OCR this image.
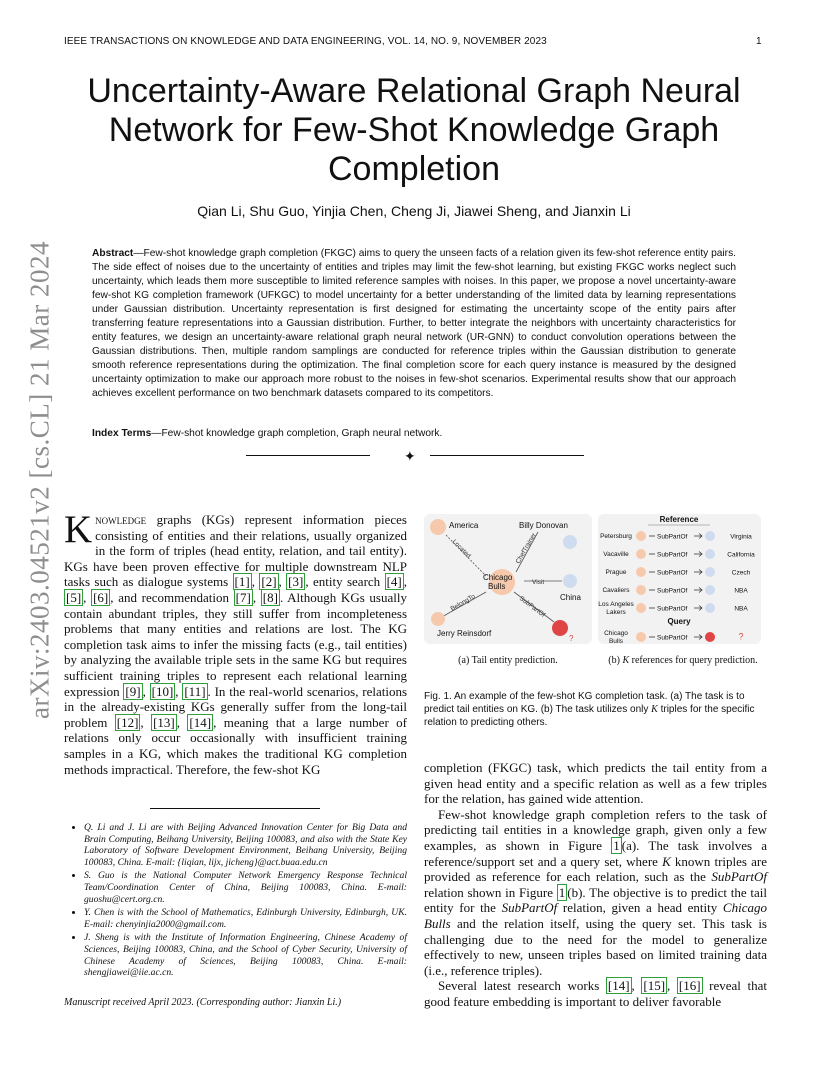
IEEE TRANSACTIONS ON KNOWLEDGE AND DATA ENGINEERING, VOL. 14, NO. 9, NOVEMBER 2023	1
arXiv:2403.04521v2 [cs.CL] 21 Mar 2024
Uncertainty-Aware Relational Graph Neural Network for Few-Shot Knowledge Graph Completion
Qian Li, Shu Guo, Yinjia Chen, Cheng Ji, Jiawei Sheng, and Jianxin Li
Abstract—Few-shot knowledge graph completion (FKGC) aims to query the unseen facts of a relation given its few-shot reference entity pairs. The side effect of noises due to the uncertainty of entities and triples may limit the few-shot learning, but existing FKGC works neglect such uncertainty, which leads them more susceptible to limited reference samples with noises. In this paper, we propose a novel uncertainty-aware few-shot KG completion framework (UFKGC) to model uncertainty for a better understanding of the limited data by learning representations under Gaussian distribution. Uncertainty representation is first designed for estimating the uncertainty scope of the entity pairs after transferring feature representations into a Gaussian distribution. Further, to better integrate the neighbors with uncertainty characteristics for entity features, we design an uncertainty-aware relational graph neural network (UR-GNN) to conduct convolution operations between the Gaussian distributions. Then, multiple random samplings are conducted for reference triples within the Gaussian distribution to generate smooth reference representations during the optimization. The final completion score for each query instance is measured by the designed uncertainty optimization to make our approach more robust to the noises in few-shot scenarios. Experimental results show that our approach achieves excellent performance on two benchmark datasets compared to its competitors.
Index Terms—Few-shot knowledge graph completion, Graph neural network.
✦

Knowledge graphs (KGs) represent information pieces consisting of entities and their relations, usually organized in the form of triples (head entity, relation, and tail entity). KGs have been proven effective for multiple downstream NLP tasks such as dialogue systems [1] , [2] , [3] , entity search [4] , [5] , [6] , and recommendation [7] , [8] . Although KGs usually contain abundant triples, they still suffer from incompleteness problems that many entities and relations are lost. The KG completion task aims to infer the missing facts (e.g., tail entities) by analyzing the available triple sets in the same KG but requires sufficient training triples to represent each relational learning expression [9] , [10] , [11] . In the real-world scenarios, relations in the already-existing KGs generally suffer from the long-tail problem [12] , [13] , [14] , meaning that a large number of relations only occur occasionally with insufficient training samples in a KG, which makes the traditional KG completion methods impractical. Therefore, the few-shot KG

• Q. Li and J. Li are with Beijing Advanced Innovation Center for Big Data and Brain Computing, Beihang University, Beijing 100083, and also with the State Key Laboratory of Software Development Environment, Beihang University, Beijing 100083, China. E-mail: {liqian, lijx, jicheng}@act.buaa.edu.cn
• S. Guo is the National Computer Network Emergency Response Technical Team/Coordination Center of China, Beijing 100083, China. E-mail: guoshu@cert.org.cn.
• Y. Chen is with the School of Mathematics, Edinburgh University, Edinburgh, UK. E-mail: chenyinjia2000@gmail.com.
• J. Sheng is with the Institute of Information Engineering, Chinese Academy of Sciences, Beijing 100083, China, and the School of Cyber Security, University of Chinese Academy of Sciences, Beijing 100083, China. E-mail: shengjiawei@iie.ac.cn.
Manuscript received April 2023. (Corresponding author: Jianxin Li.)
America	Billy Donovan
Chicago
Bulls
China
Jerry Reinsdorf
?
Located	ChefTrainer
Visit
BelongTo	SubPartOf
Reference
Query
Petersburg	SubPartOf	Virginia
Vacaville	SubPartOf	California
Prague	SubPartOf	Czech
Cavaliers	SubPartOf	NBA
Los Angeles Lakers	SubPartOf	NBA
Chicago Bulls	SubPartOf	?
(a) Tail entity prediction.	(b) K references for query prediction.
Fig. 1. An example of the few-shot KG completion task. (a) The task is to predict tail entities on KG. (b) The task utilizes only K triples for the specific relation to predicting others.

completion (FKGC) task, which predicts the tail entity from a given head entity and a specific relation as well as a few triples for the relation, has gained wide attention.

Few-shot knowledge graph completion refers to the task of predicting tail entities in a knowledge graph, given only a few examples, as shown in Figure 1 (a). The task involves a reference/support set and a query set, where K known triples are provided as reference for each relation, such as the SubPartOf relation shown in Figure 1 (b). The objective is to predict the tail entity for the SubPartOf relation, given a head entity Chicago Bulls and the relation itself, using the query set. This task is challenging due to the need for the model to generalize effectively to new, unseen triples based on limited training data (i.e., reference triples).

Several latest research works [14] , [15] , [16] reveal that good feature embedding is important to deliver favorable
